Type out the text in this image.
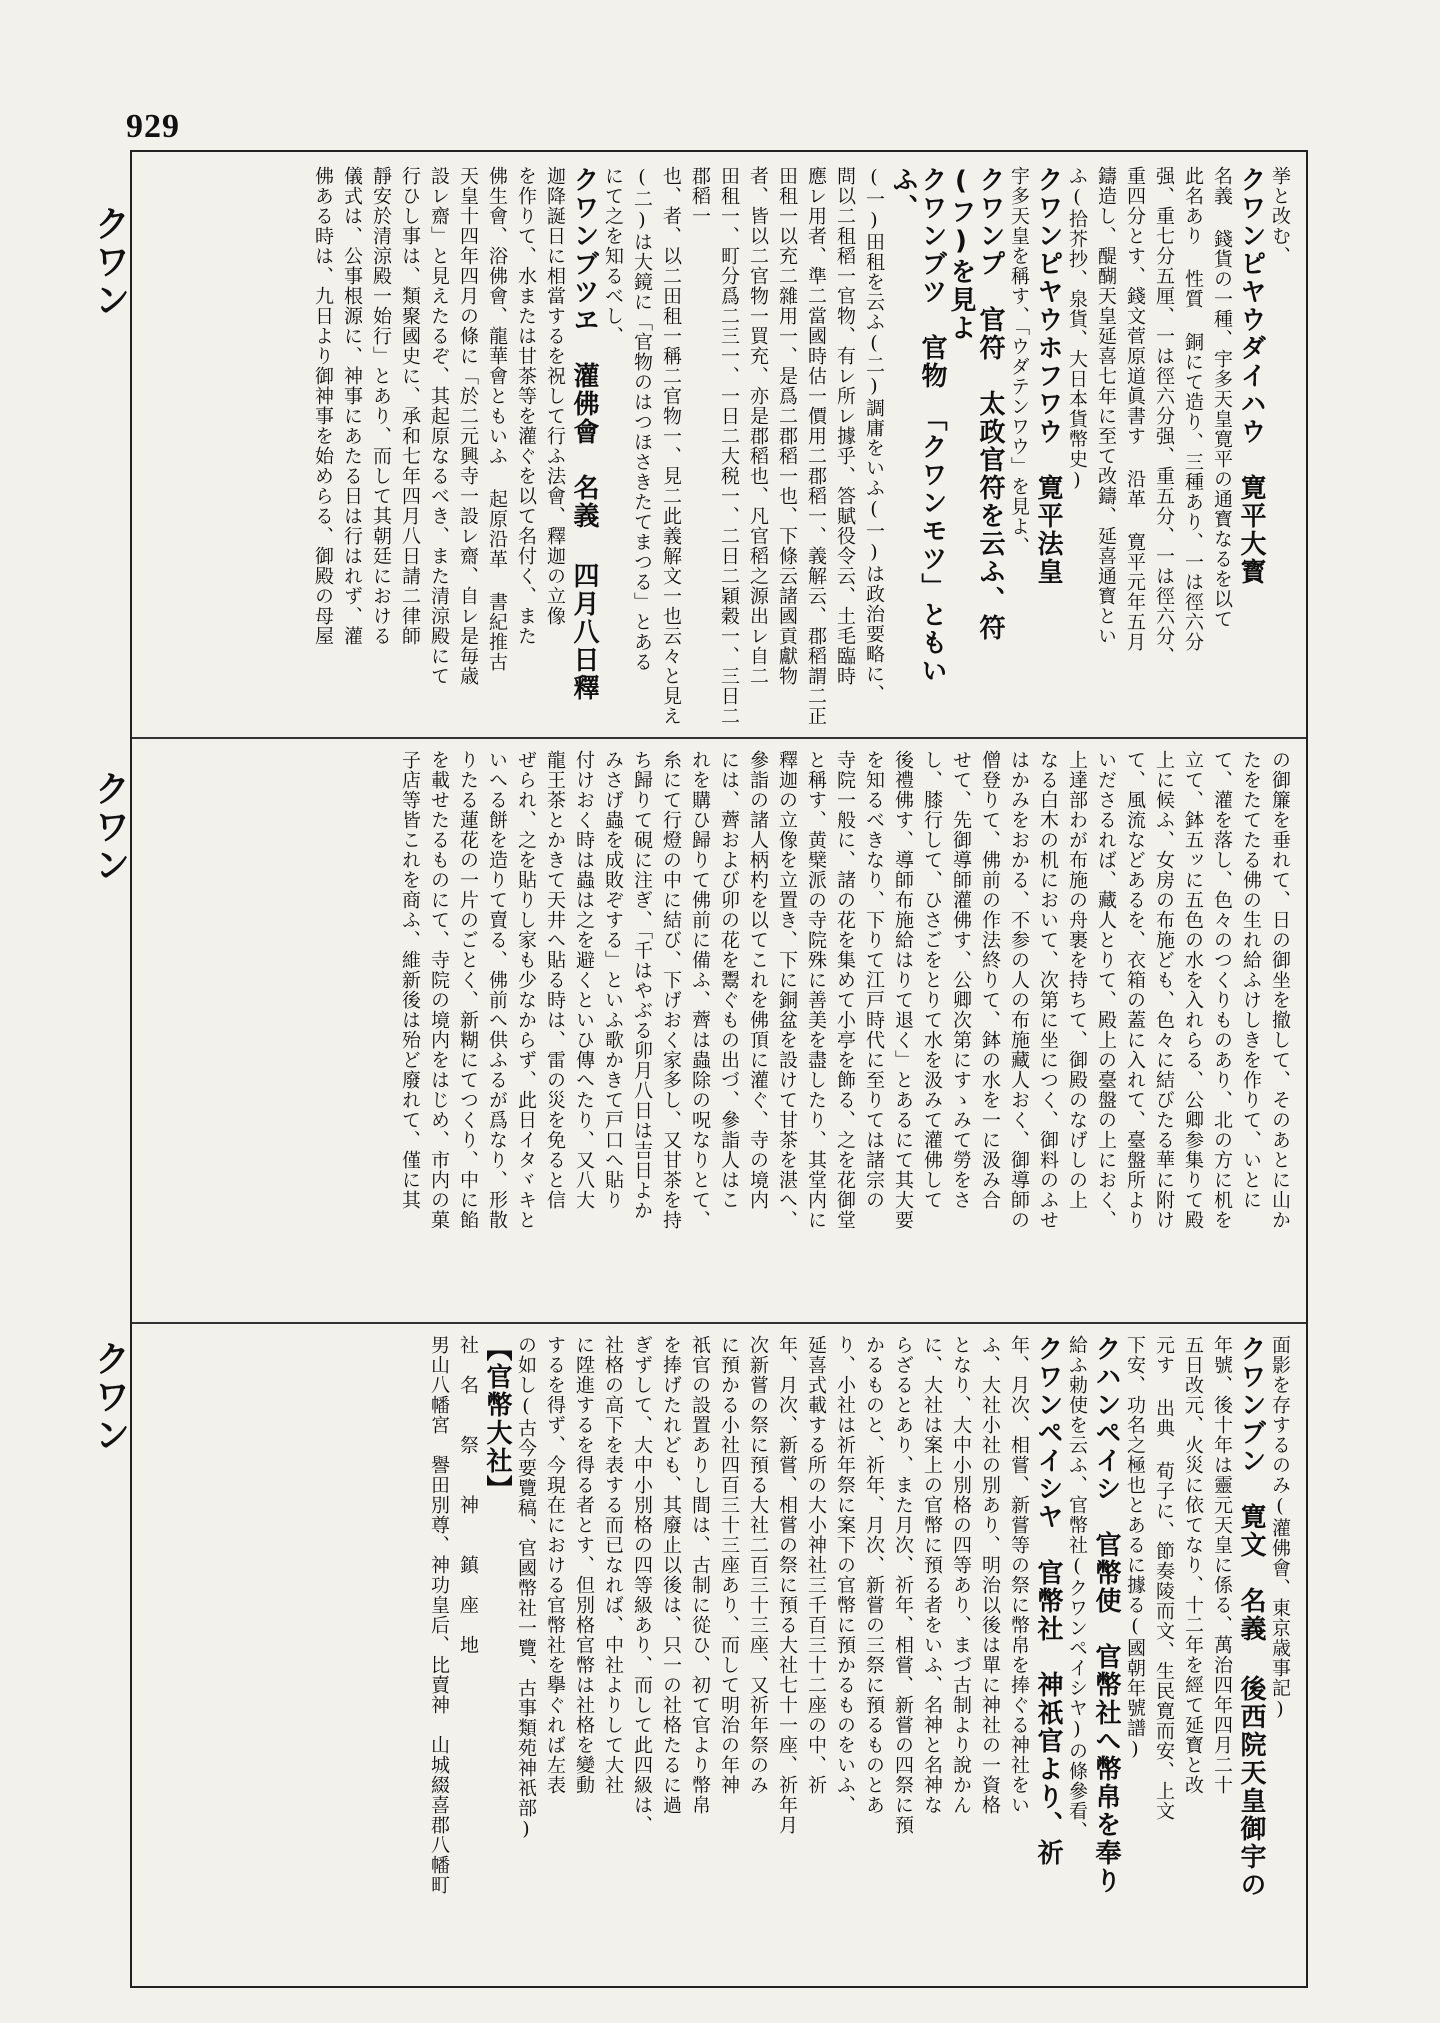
929
クワン
クワン
クワン
挙と改む、
クワンピヤウダイハウ　寛平大寳
名義 錢貨の一種、宇多天皇寛平の通寳なるを以て
此名あり 性質 銅にて造り、三種あり、一は徑六分
强、重七分五厘、一は徑六分强、重五分、一は徑六分、
重四分とす、錢文菅原道眞書す 沿革 寛平元年五月
鑄造し、醍醐天皇延喜七年に至て改鑄、延喜通寳とい
ふ(拾芥抄、泉貨、大日本貨幣史)
クワンピヤウホフワウ　寛平法皇
宇多天皇を稱す、「ウダテンワウ」を見よ、
クワンプ　官符　太政官符を云ふ、符(フ)を見よ
クワンブツ　官物　「クワンモツ」ともいふ、
(一)田租を云ふ(二)調庸をいふ(一)は政治要略に、
問以二租稻一官物、有レ所レ據乎、答賦役令云、土毛臨時
應レ用者、準二當國時估一價用二郡稻一、義解云、郡稻謂二正
田租一以充二雜用一、是爲二郡稻一也、下條云諸國貢獻物
者、皆以二官物一買充、亦是郡稻也、凡官稻之源出レ自二
田租一、町分爲二三一、一日二大税一、二日二穎穀一、三日二郡稻一
也、者、以二田租一稱二官物一、見二此義解文一也云々と見え
(二)は大鏡に「官物のはつほさきたてまつる」とある
にて之を知るべし、
クワンブツヱ　灌佛會　名義 四月八日釋
迦降誕日に相當するを祝して行ふ法會、釋迦の立像
を作りて、水または甘茶等を灌ぐを以て名付く、また
佛生會、浴佛會、龍華會ともいふ 起原沿革 書紀推古
天皇十四年四月の條に「於二元興寺一設レ齋、自レ是毎歳
設レ齋」と見えたるぞ、其起原なるべき、また清涼殿にて
行ひし事は、類聚國史に、承和七年四月八日請二律師
靜安於清涼殿一始行」とあり、而して其朝廷における
儀式は、公事根源に、神事にあたる日は行はれず、灌
佛ある時は、九日より御神事を始めらる、御殿の母屋
の御簾を垂れて、日の御坐を撤して、そのあとに山か
たをたてたる佛の生れ給ふけしきを作りて、いとに
て、灌を落し、色々のつくりものあり、北の方に机を
立て、鉢五ッに五色の水を入れらる、公卿参集りて殿
上に候ふ、女房の布施ども、色々に結びたる華に附け
て、風流などあるを、衣箱の蓋に入れて、臺盤所より
いださるれば、藏人とりて、殿上の臺盤の上におく、
上達部わが布施の舟裹を持ちて、御殿のなげしの上
なる白木の机において、次第に坐につく、御料のふせ
はかみをおかる、不参の人の布施藏人おく、御導師の
僧登りて、佛前の作法終りて、鉢の水を一に汲み合
せて、先御導師灌佛す、公卿次第にすゝみて勞をさ
し、膝行して、ひさごをとりて水を汲みて灌佛して
後禮佛す、導師布施給はりて退く」とあるにて其大要
を知るべきなり、下りて江戸時代に至りては諸宗の
寺院一般に、諸の花を集めて小亭を飾る、之を花御堂
と稱す、黄檗派の寺院殊に善美を盡したり、其堂内に
釋迦の立像を立置き、下に銅盆を設けて甘茶を湛へ、
參詣の諸人柄杓を以てこれを佛頂に灌ぐ、寺の境内
には、薺および卯の花を鬻ぐもの出づ、參詣人はこ
れを購ひ歸りて佛前に備ふ、薺は蟲除の呪なりとて、
糸にて行燈の中に結び、下げおく家多し、又甘茶を持
ち歸りて硯に注ぎ、「千はやぶる卯月八日は吉日よか
みさげ蟲を成敗ぞする」といふ歌かきて戸口へ貼り
付けおく時は蟲は之を避くといひ傳へたり、又八大
龍王茶とかきて天井へ貼る時は、雷の災を免ると信
ぜられ、之を貼りし家も少なからず、此日イタヾキと
いへる餅を造りて賣る、佛前へ供ふるが爲なり、形散
りたる蓮花の一片のごとく、新糊にてつくり、中に餡
を載せたるものにて、寺院の境内をはじめ、市内の菓
子店等皆これを商ふ、維新後は殆ど廢れて、僅に其
面影を存するのみ(灌佛會、東京歳事記)
クワンブン　寛文　名義 後西院天皇御宇の
年號、後十年は靈元天皇に係る、萬治四年四月二十
五日改元、火災に依てなり、十二年を經て延寳と改
元す 出典 荀子に、節奏陵而文、生民寛而安、上文
下安、功名之極也とあるに據る(國朝年號譜)
クハンペイシ　官幣使　官幣社へ幣帛を奉り
給ふ勅使を云ふ、官幣社(クワンペイシヤ)の條參看、
クワンペイシヤ　官幣社　神祇官より、祈
年、月次、相嘗、新嘗等の祭に幣帛を捧ぐる神社をい
ふ、大社小社の別あり、明治以後は單に神社の一資格
となり、大中小別格の四等あり、まづ古制より說かん
に、大社は案上の官幣に預る者をいふ、名神と名神な
らざるとあり、また月次、祈年、相嘗、新嘗の四祭に預
かるものと、祈年、月次、新嘗の三祭に預るものとあ
り、小社は祈年祭に案下の官幣に預かるものをいふ、
延喜式載する所の大小神社三千百三十二座の中、祈
年、月次、新嘗、相嘗の祭に預る大社七十一座、祈年月
次新嘗の祭に預る大社二百三十三座、又祈年祭のみ
に預かる小社四百三十三座あり、而して明治の年神
祇官の設置ありし間は、古制に從ひ、初て官より幣帛
を捧げたれども、其廢止以後は、只一の社格たるに過
ぎずして、大中小別格の四等級あり、而して此四級は、
社格の高下を表する而已なれば、中社よりして大社
に陞進するを得る者とす、但別格官幣は社格を變動
するを得ず、今現在における官幣社を擧ぐれば左表
の如し(古今要覽稿、官國幣社一覽、古事類苑神祇部)
【官幣大社】
社　名　　祭　　神　　鎮　座　地
男山八幡宮　譽田別尊、神功皇后、比賣神　山城綴喜郡八幡町
